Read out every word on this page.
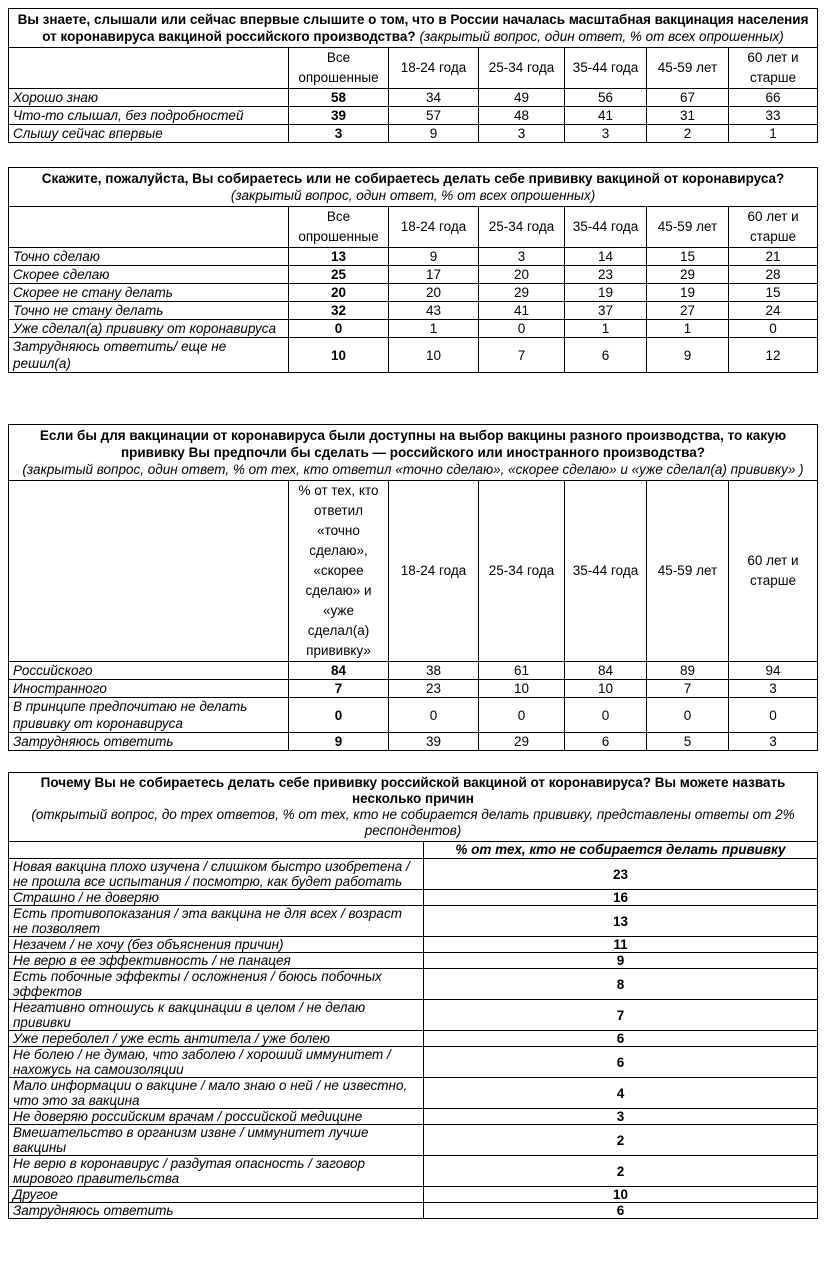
Вы знаете, слышали или сейчас впервые слышите о том, что в России началась масштабная вакцинация населения от коронавируса вакциной российского производства? (закрытый вопрос, один ответ, % от всех опрошенных)						
	Все опрошенные	18-24 года	25-34 года	35-44 года	45-59 лет	60 лет и старше
Хорошо знаю	58	34	49	56	67	66
Что-то слышал, без подробностей	39	57	48	41	31	33
Слышу сейчас впервые	3	9	3	3	2	1
Скажите, пожалуйста, Вы собираетесь или не собираетесь делать себе прививку вакциной от коронавируса? (закрытый вопрос, один ответ, % от всех опрошенных)						
	Все опрошенные	18-24 года	25-34 года	35-44 года	45-59 лет	60 лет и старше
Точно сделаю	13	9	3	14	15	21
Скорее сделаю	25	17	20	23	29	28
Скорее не стану делать	20	20	29	19	19	15
Точно не стану делать	32	43	41	37	27	24
Уже сделал(а) прививку от коронавируса	0	1	0	1	1	0
Затрудняюсь ответить/ еще не решил(а)	10	10	7	6	9	12
Если бы для вакцинации от коронавируса были доступны на выбор вакцины разного производства, то какую прививку Вы предпочли бы сделать — российского или иностранного производства?
(закрытый вопрос, один ответ, % от тех, кто ответил «точно сделаю», «скорее сделаю» и «уже сделал(а) прививку» )						
	% от тех, кто ответил «точно сделаю», «скорее сделаю» и «уже сделал(а) прививку»	18-24 года	25-34 года	35-44 года	45-59 лет	60 лет и старше
Российского	84	38	61	84	89	94
Иностранного	7	23	10	10	7	3
В принципе предпочитаю не делать прививку от коронавируса	0	0	0	0	0	0
Затрудняюсь ответить	9	39	29	6	5	3
Почему Вы не собираетесь делать себе прививку российской вакциной от коронавируса? Вы можете назвать несколько причин
(открытый вопрос, до трех ответов, % от тех, кто не собирается делать прививку, представлены ответы от 2% респондентов)	
	% от тех, кто не собирается делать прививку
Новая вакцина плохо изучена / слишком быстро изобретена / не прошла все испытания / посмотрю, как будет работать	23
Страшно / не доверяю	16
Есть противопоказания / эта вакцина не для всех / возраст не позволяет	13
Незачем / не хочу (без объяснения причин)	11
Не верю в ее эффективность / не панацея	9
Есть побочные эффекты / осложнения / боюсь побочных эффектов	8
Негативно отношусь к вакцинации в целом / не делаю прививки	7
Уже переболел / уже есть антитела / уже болею	6
Не болею / не думаю, что заболею / хороший иммунитет / нахожусь на самоизоляции	6
Мало информации о вакцине / мало знаю о ней / не известно, что это за вакцина	4
Не доверяю российским врачам / российской медицине	3
Вмешательство в организм извне / иммунитет лучше вакцины	2
Не верю в коронавирус / раздутая опасность / заговор мирового правительства	2
Другое	10
Затрудняюсь ответить	6
